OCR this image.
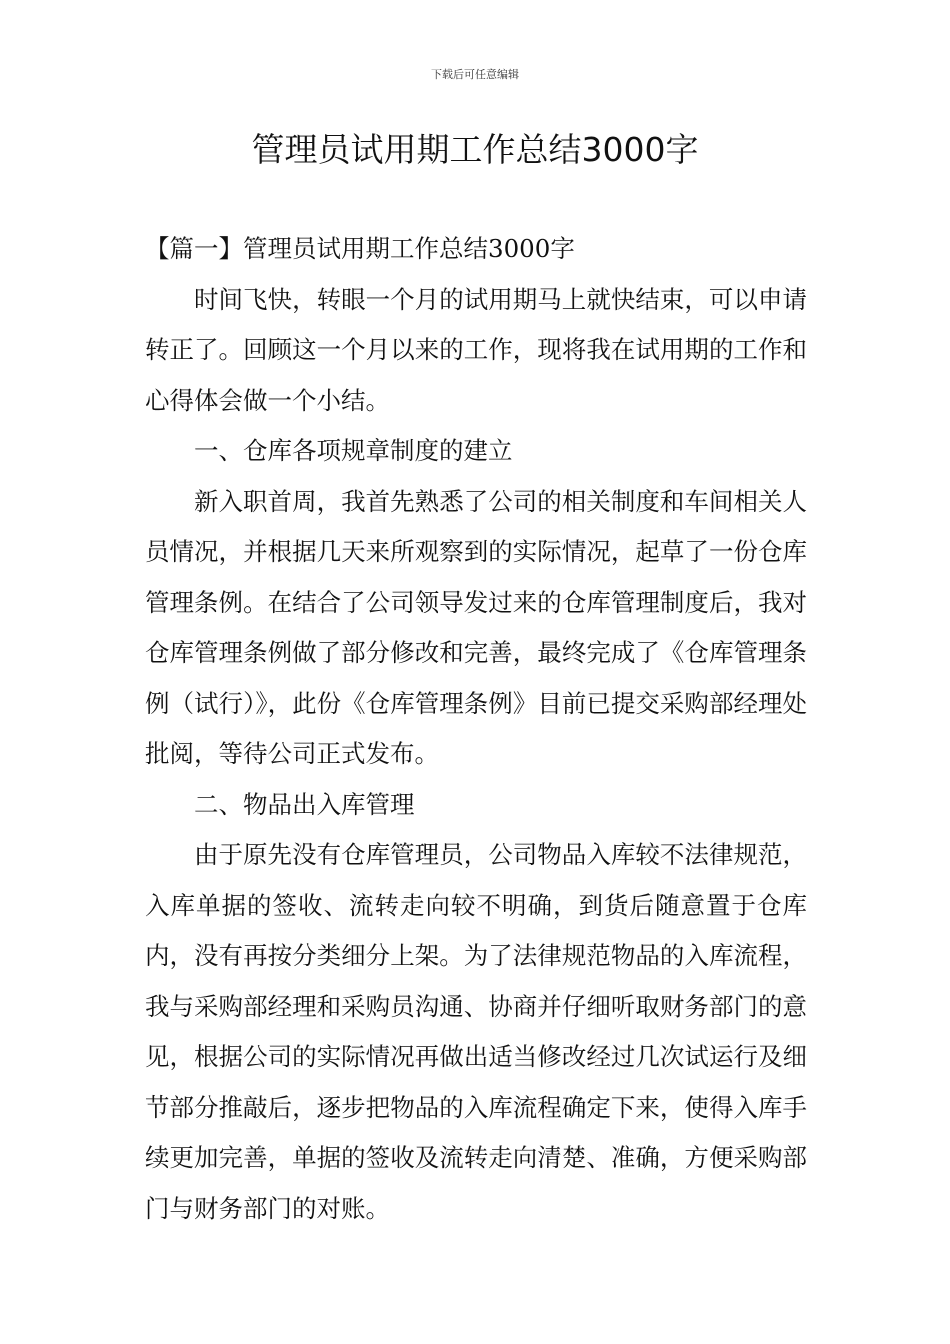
下载后可任意编辑
管理员试用期工作总结3000字

【篇一】管理员试用期工作总结3000字

时间飞快，转眼一个月的试用期马上就快结束，可以申请转正了。回顾这一个月以来的工作，现将我在试用期的工作和心得体会做一个小结。

一、仓库各项规章制度的建立

新入职首周，我首先熟悉了公司的相关制度和车间相关人员情况，并根据几天来所观察到的实际情况，起草了一份仓库管理条例。在结合了公司领导发过来的仓库管理制度后，我对仓库管理条例做了部分修改和完善，最终完成了《仓库管理条例（试行）》，此份《仓库管理条例》目前已提交采购部经理处批阅，等待公司正式发布。

二、物品出入库管理

由于原先没有仓库管理员，公司物品入库较不法律规范，入库单据的签收、流转走向较不明确，到货后随意置于仓库内，没有再按分类细分上架。为了法律规范物品的入库流程，我与采购部经理和采购员沟通、协商并仔细听取财务部门的意见，根据公司的实际情况再做出适当修改经过几次试运行及细节部分推敲后，逐步把物品的入库流程确定下来，使得入库手续更加完善，单据的签收及流转走向清楚、准确，方便采购部门与财务部门的对账。
